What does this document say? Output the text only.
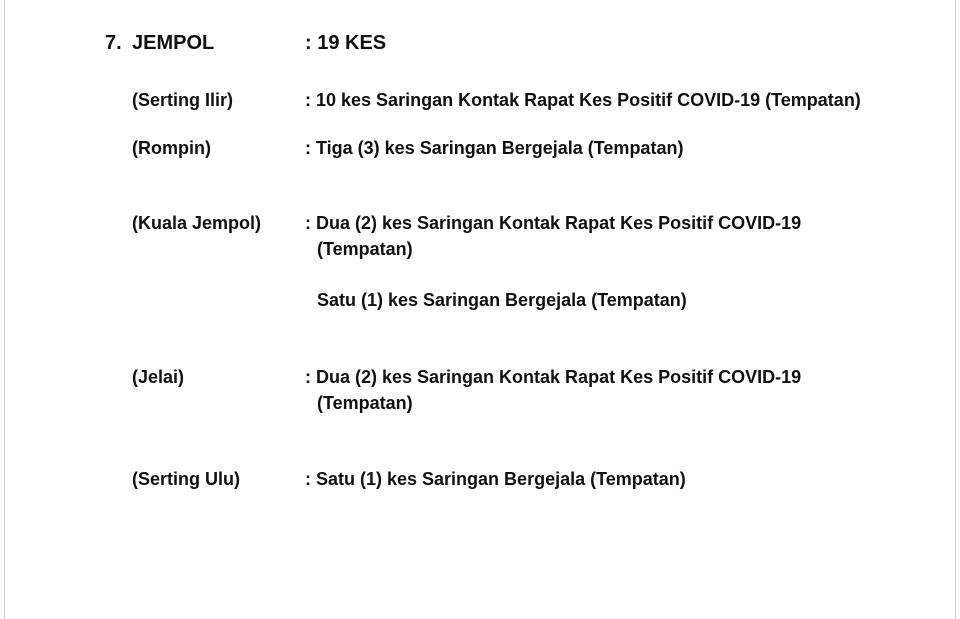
7. JEMPOL	: 19 KES
(Serting Ilir)	: 10 kes Saringan Kontak Rapat Kes Positif COVID-19 (Tempatan)
(Rompin)	: Tiga (3) kes Saringan Bergejala (Tempatan)
(Kuala Jempol) : Dua (2) kes Saringan Kontak Rapat Kes Positif COVID-19
(Tempatan)
Satu (1) kes Saringan Bergejala (Tempatan)
(Jelai)	: Dua (2) kes Saringan Kontak Rapat Kes Positif COVID-19
(Tempatan)
(Serting Ulu)	: Satu (1) kes Saringan Bergejala (Tempatan)
